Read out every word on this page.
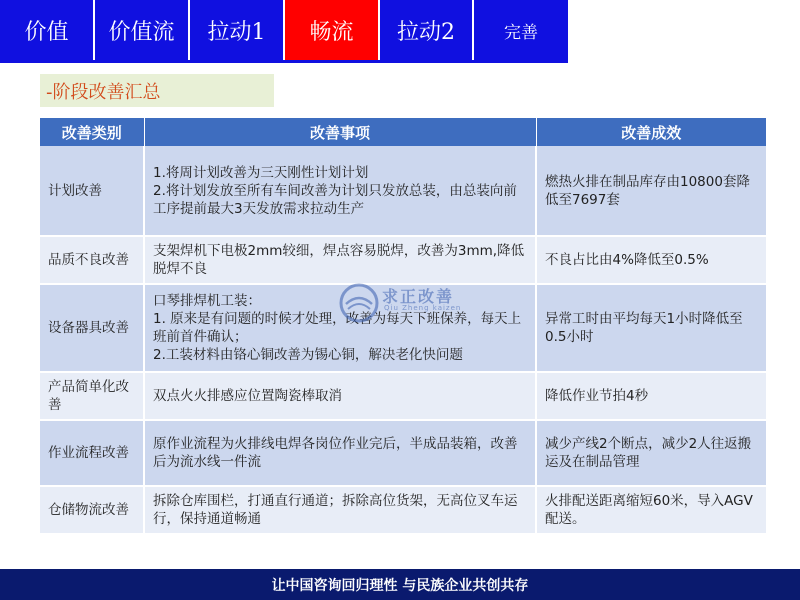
价值	价值流	拉动1	畅流	拉动2	完善
-阶段改善汇总
改善类别	改善事项	改善成效
计划改善	1.将周计划改善为三天刚性计划计划
2.将计划发放至所有车间改善为计划只发放总装，由总装向前工序提前最大3天发放需求拉动生产	燃热火排在制品库存由10800套降低至7697套
品质不良改善	支架焊机下电极2mm较细，焊点容易脱焊，改善为3mm,降低脱焊不良	不良占比由4%降低至0.5%
设备器具改善	口琴排焊机工装：
1. 原来是有问题的时候才处理，改善为每天下班保养，每天上班前首件确认；
2.工装材料由铬心铜改善为锡心铜，解决老化快问题	异常工时由平均每天1小时降低至0.5小时
产品简单化改善	双点火火排感应位置陶瓷棒取消	降低作业节拍4秒
作业流程改善	原作业流程为火排线电焊各岗位作业完后，半成品装箱，改善后为流水线一件流	减少产线2个断点，减少2人往返搬运及在制品管理
仓储物流改善	拆除仓库围栏，打通直行通道；拆除高位货架，无高位叉车运行，保持通道畅通	火排配送距离缩短60米，导入AGV配送。
求正改善
Qiu Zheng kaizen
让中国咨询回归理性 与民族企业共创共存
